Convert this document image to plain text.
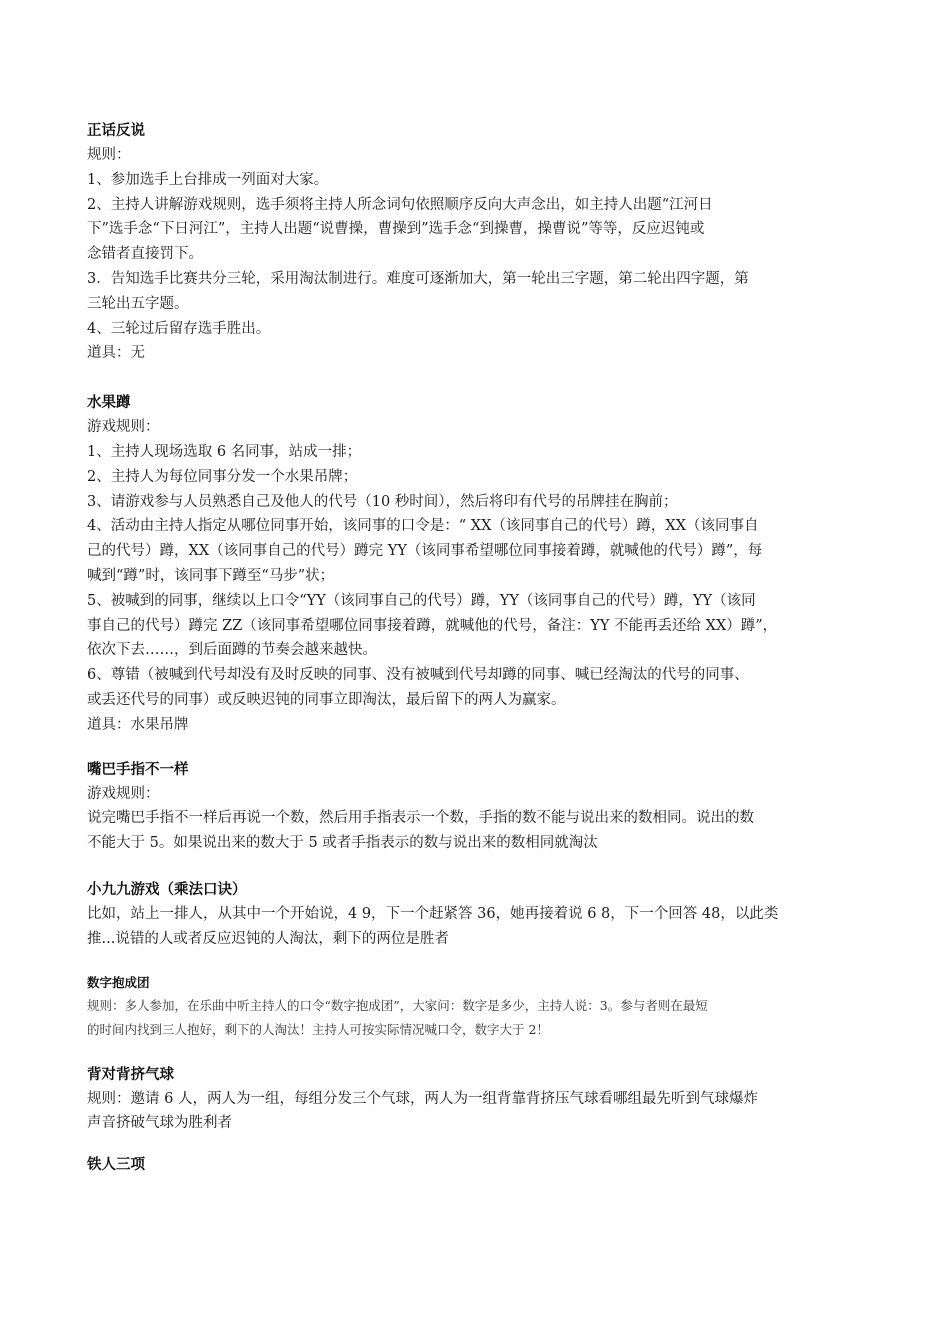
正话反说

规则：

1、参加选手上台排成一列面对大家。

2、主持人讲解游戏规则，选手须将主持人所念词句依照顺序反向大声念出，如主持人出题“江河日

下”选手念“下日河江”，主持人出题“说曹操，曹操到”选手念“到操曹，操曹说”等等，反应迟钝或

念错者直接罚下。

3．告知选手比赛共分三轮，采用淘汰制进行。难度可逐渐加大，第一轮出三字题，第二轮出四字题，第

三轮出五字题。

4、三轮过后留存选手胜出。

道具：无

水果蹲

游戏规则：

1、主持人现场选取 6 名同事，站成一排；

2、主持人为每位同事分发一个水果吊牌；

3、请游戏参与人员熟悉自己及他人的代号（10 秒时间），然后将印有代号的吊牌挂在胸前；

4、活动由主持人指定从哪位同事开始，该同事的口令是：“ XX（该同事自己的代号）蹲，XX（该同事自

己的代号）蹲，XX（该同事自己的代号）蹲完 YY（该同事希望哪位同事接着蹲，就喊他的代号）蹲”，每

喊到“蹲”时，该同事下蹲至“马步”状；

5、被喊到的同事，继续以上口令“YY（该同事自己的代号）蹲，YY（该同事自己的代号）蹲，YY（该同

事自己的代号）蹲完 ZZ（该同事希望哪位同事接着蹲，就喊他的代号，备注：YY 不能再丢还给 XX）蹲”，

依次下去……，到后面蹲的节奏会越来越快。

6、尊错（被喊到代号却没有及时反映的同事、没有被喊到代号却蹲的同事、喊已经淘汰的代号的同事、

或丢还代号的同事）或反映迟钝的同事立即淘汰，最后留下的两人为赢家。

道具：水果吊牌

嘴巴手指不一样

游戏规则：

说完嘴巴手指不一样后再说一个数，然后用手指表示一个数，手指的数不能与说出来的数相同。说出的数

不能大于 5。如果说出来的数大于 5 或者手指表示的数与说出来的数相同就淘汰

小九九游戏（乘法口诀）

比如，站上一排人，从其中一个开始说，4 9，下一个赶紧答 36，她再接着说 6 8，下一个回答 48，以此类

推...说错的人或者反应迟钝的人淘汰，剩下的两位是胜者

数字抱成团

规则：多人参加，在乐曲中听主持人的口令“数字抱成团”，大家问：数字是多少，主持人说：3。参与者则在最短

的时间内找到三人抱好，剩下的人淘汰！主持人可按实际情况喊口令，数字大于 2！

背对背挤气球

规则：邀请 6 人，两人为一组，每组分发三个气球，两人为一组背靠背挤压气球看哪组最先听到气球爆炸

声音挤破气球为胜利者

铁人三项
